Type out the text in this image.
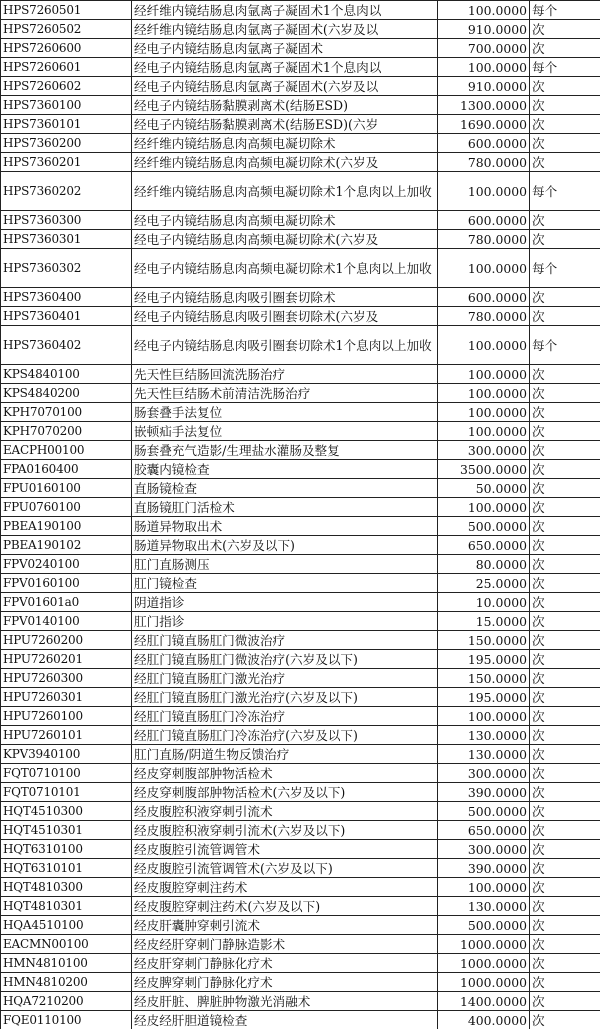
HPS7260501	经纤维内镜结肠息肉氩离子凝固术1个息肉以	100.0000	每个
HPS7260502	经纤维内镜结肠息肉氩离子凝固术(六岁及以	910.0000	次
HPS7260600	经电子内镜结肠息肉氩离子凝固术	700.0000	次
HPS7260601	经电子内镜结肠息肉氩离子凝固术1个息肉以	100.0000	每个
HPS7260602	经电子内镜结肠息肉氩离子凝固术(六岁及以	910.0000	次
HPS7360100	经电子内镜结肠黏膜剥离术(结肠ESD)	1300.0000	次
HPS7360101	经电子内镜结肠黏膜剥离术(结肠ESD)(六岁	1690.0000	次
HPS7360200	经纤维内镜结肠息肉高频电凝切除术	600.0000	次
HPS7360201	经纤维内镜结肠息肉高频电凝切除术(六岁及	780.0000	次
HPS7360202	经纤维内镜结肠息肉高频电凝切除术1个息肉以上加收	100.0000	每个
HPS7360300	经电子内镜结肠息肉高频电凝切除术	600.0000	次
HPS7360301	经电子内镜结肠息肉高频电凝切除术(六岁及	780.0000	次
HPS7360302	经电子内镜结肠息肉高频电凝切除术1个息肉以上加收	100.0000	每个
HPS7360400	经电子内镜结肠息肉吸引圈套切除术	600.0000	次
HPS7360401	经电子内镜结肠息肉吸引圈套切除术(六岁及	780.0000	次
HPS7360402	经电子内镜结肠息肉吸引圈套切除术1个息肉以上加收	100.0000	每个
KPS4840100	先天性巨结肠回流洗肠治疗	100.0000	次
KPS4840200	先天性巨结肠术前清洁洗肠治疗	100.0000	次
KPH7070100	肠套叠手法复位	100.0000	次
KPH7070200	嵌顿疝手法复位	100.0000	次
EACPH00100	肠套叠充气造影/生理盐水灌肠及整复	300.0000	次
FPA0160400	胶囊内镜检查	3500.0000	次
FPU0160100	直肠镜检查	50.0000	次
FPU0760100	直肠镜肛门活检术	100.0000	次
PBEA190100	肠道异物取出术	500.0000	次
PBEA190102	肠道异物取出术(六岁及以下)	650.0000	次
FPV0240100	肛门直肠测压	80.0000	次
FPV0160100	肛门镜检查	25.0000	次
FPV01601a0	阴道指诊	10.0000	次
FPV0140100	肛门指诊	15.0000	次
HPU7260200	经肛门镜直肠肛门微波治疗	150.0000	次
HPU7260201	经肛门镜直肠肛门微波治疗(六岁及以下)	195.0000	次
HPU7260300	经肛门镜直肠肛门激光治疗	150.0000	次
HPU7260301	经肛门镜直肠肛门激光治疗(六岁及以下)	195.0000	次
HPU7260100	经肛门镜直肠肛门冷冻治疗	100.0000	次
HPU7260101	经肛门镜直肠肛门冷冻治疗(六岁及以下)	130.0000	次
KPV3940100	肛门直肠/阴道生物反馈治疗	130.0000	次
FQT0710100	经皮穿刺腹部肿物活检术	300.0000	次
FQT0710101	经皮穿刺腹部肿物活检术(六岁及以下)	390.0000	次
HQT4510300	经皮腹腔积液穿刺引流术	500.0000	次
HQT4510301	经皮腹腔积液穿刺引流术(六岁及以下)	650.0000	次
HQT6310100	经皮腹腔引流管调管术	300.0000	次
HQT6310101	经皮腹腔引流管调管术(六岁及以下)	390.0000	次
HQT4810300	经皮腹腔穿刺注药术	100.0000	次
HQT4810301	经皮腹腔穿刺注药术(六岁及以下)	130.0000	次
HQA4510100	经皮肝囊肿穿刺引流术	500.0000	次
EACMN00100	经皮经肝穿刺门静脉造影术	1000.0000	次
HMN4810100	经皮肝穿刺门静脉化疗术	1000.0000	次
HMN4810200	经皮脾穿刺门静脉化疗术	1000.0000	次
HQA7210200	经皮肝脏、脾脏肿物激光消融术	1400.0000	次
FQE0110100	经皮经肝胆道镜检查	400.0000	次
